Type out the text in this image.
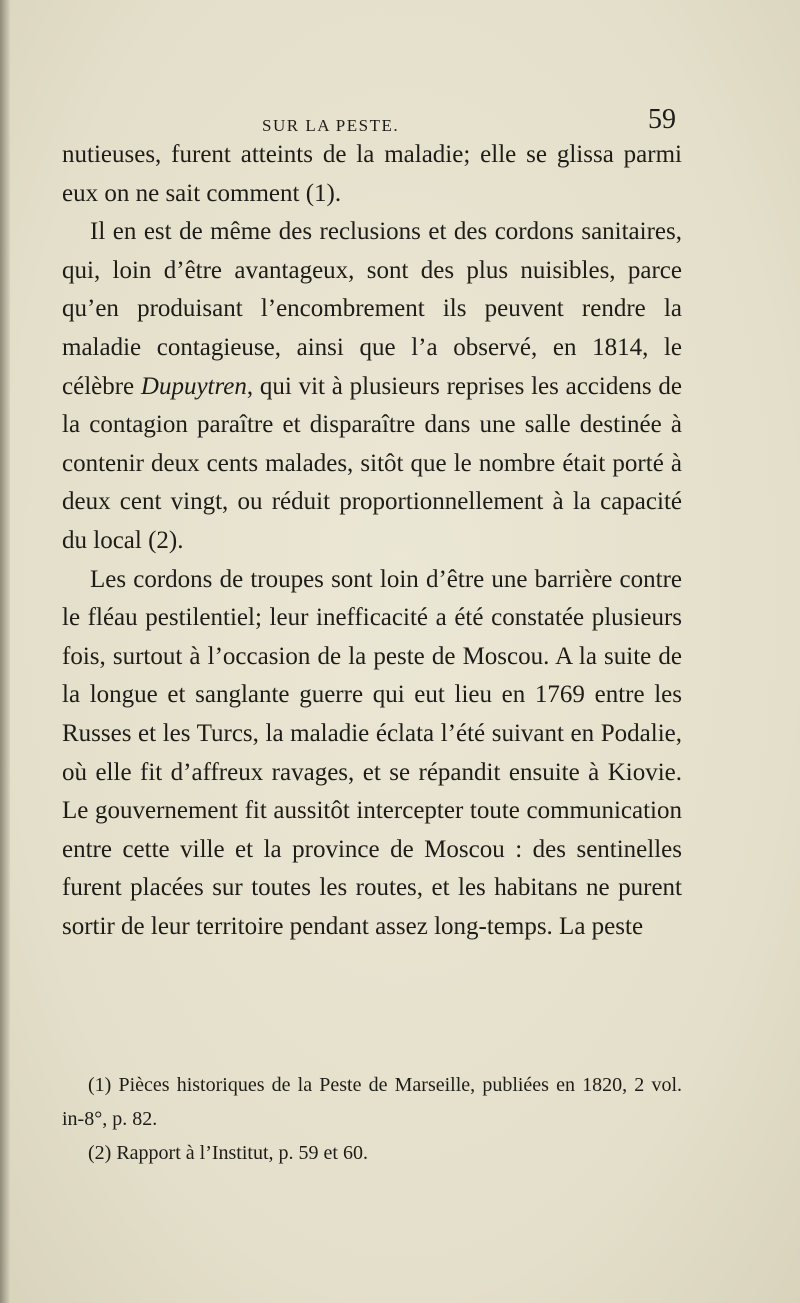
SUR LA PESTE.	59

nutieuses, furent atteints de la maladie; elle se glissa parmi eux on ne sait comment (1).

Il en est de même des reclusions et des cordons sanitaires, qui, loin d’être avantageux, sont des plus nuisibles, parce qu’en produisant l’encombrement ils peuvent rendre la maladie contagieuse, ainsi que l’a observé, en 1814, le célèbre Dupuytren, qui vit à plusieurs reprises les accidens de la contagion paraître et disparaître dans une salle destinée à contenir deux cents malades, sitôt que le nombre était porté à deux cent vingt, ou réduit proportionnellement à la capacité du local (2).

Les cordons de troupes sont loin d’être une barrière contre le fléau pestilentiel; leur inefficacité a été constatée plusieurs fois, surtout à l’occasion de la peste de Moscou. A la suite de la longue et sanglante guerre qui eut lieu en 1769 entre les Russes et les Turcs, la maladie éclata l’été suivant en Podalie, où elle fit d’affreux ravages, et se répandit ensuite à Kiovie. Le gouvernement fit aussitôt intercepter toute communication entre cette ville et la province de Moscou : des sentinelles furent placées sur toutes les routes, et les habitans ne purent sortir de leur territoire pendant assez long-temps. La peste

(1) Pièces historiques de la Peste de Marseille, publiées en 1820, 2 vol. in-8°, p. 82.

(2) Rapport à l’Institut, p. 59 et 60.
